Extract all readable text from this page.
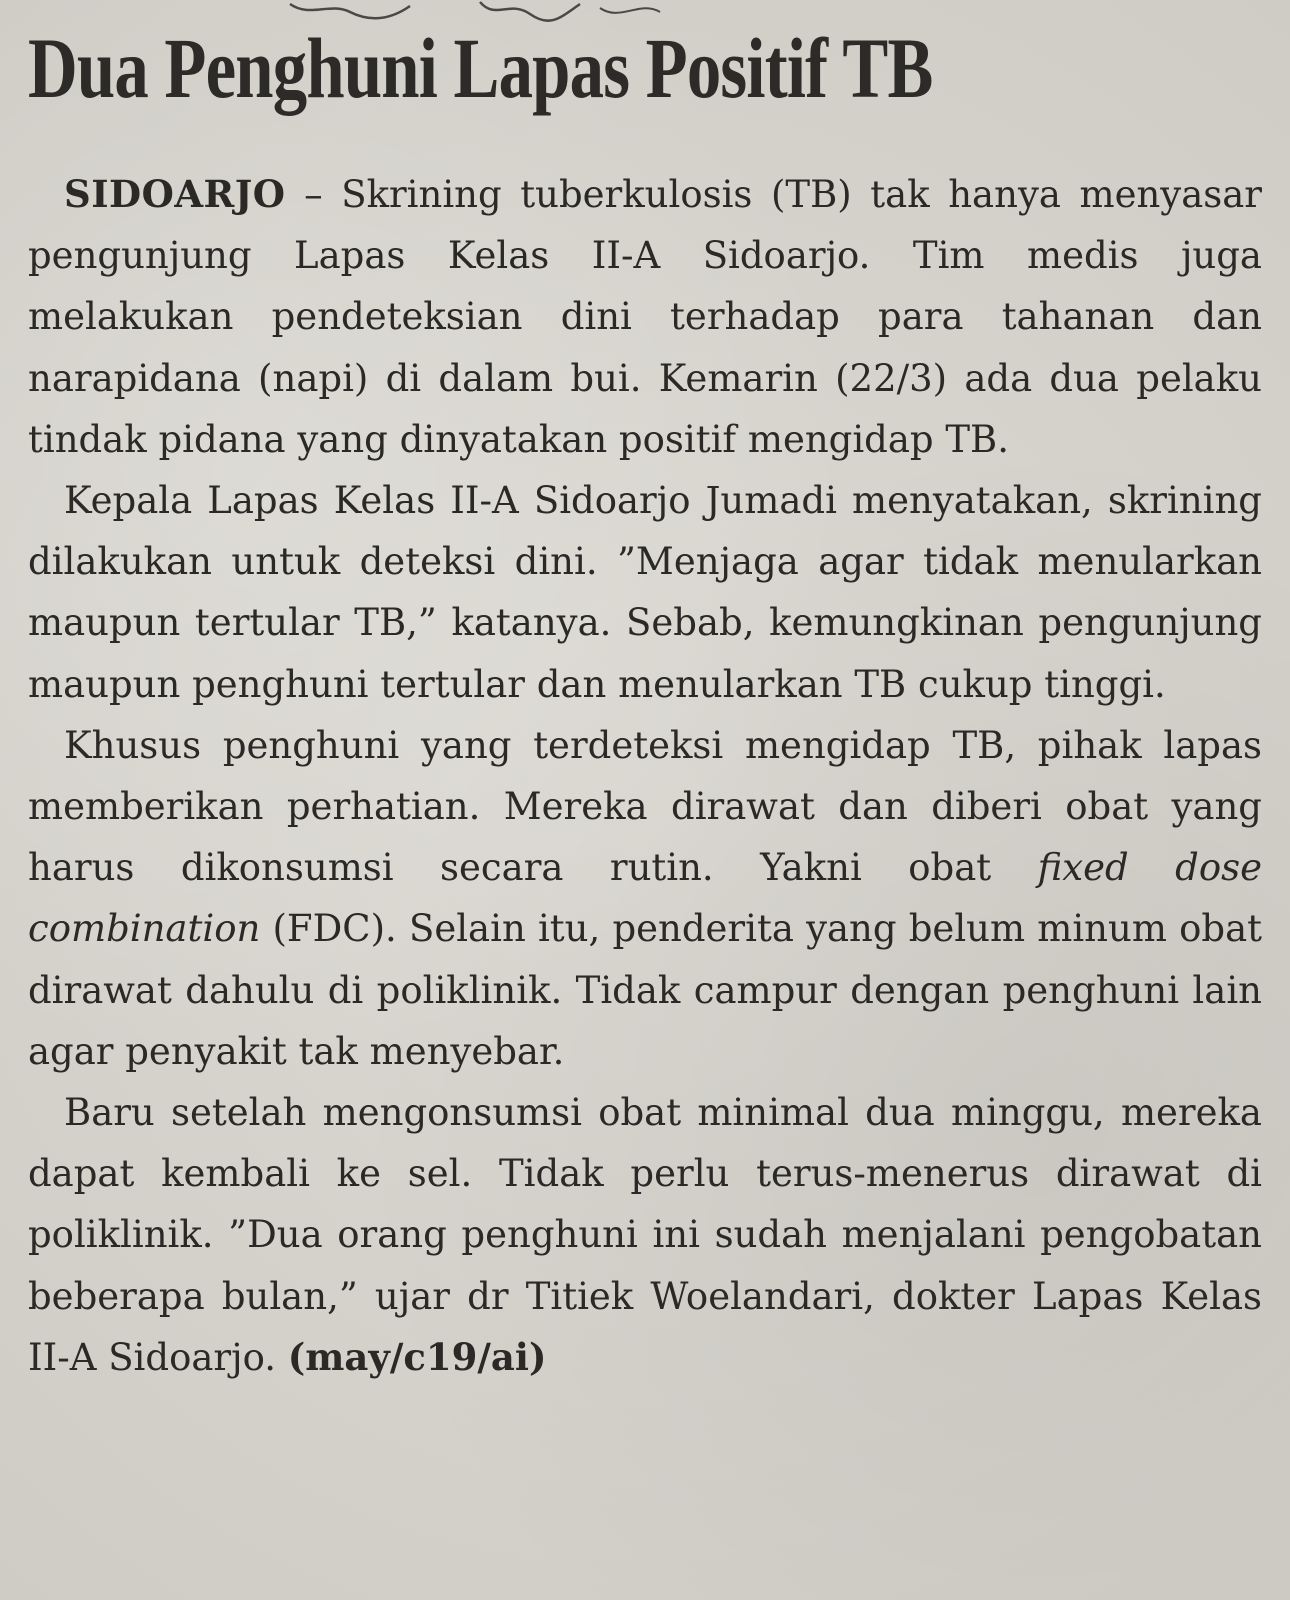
Dua Penghuni Lapas Positif TB

SIDOARJO – Skrining tuberkulosis (TB) tak hanya menyasar pengunjung Lapas Kelas II-A Sidoarjo. Tim medis juga melakukan pendeteksian dini terhadap para tahanan dan narapidana (napi) di dalam bui. Kemarin (22/3) ada dua pelaku tindak pidana yang dinyatakan positif mengidap TB.

Kepala Lapas Kelas II-A Sidoarjo Jumadi menyatakan, skrining dilakukan untuk deteksi dini. ”Menjaga agar tidak menularkan maupun tertular TB,” katanya. Sebab, kemungkinan pengunjung maupun penghuni tertular dan menularkan TB cukup tinggi.

Khusus penghuni yang terdeteksi mengidap TB, pihak lapas memberikan perhatian. Mereka dirawat dan diberi obat yang harus dikonsumsi secara rutin. Yakni obat fixed dose combination (FDC). Selain itu, penderita yang belum minum obat dirawat dahulu di poliklinik. Tidak campur dengan penghuni lain agar penyakit tak menyebar.

Baru setelah mengonsumsi obat minimal dua minggu, mereka dapat kembali ke sel. Tidak perlu terus-menerus dirawat di poliklinik. ”Dua orang penghuni ini sudah menjalani pengobatan beberapa bulan,” ujar dr Titiek Woelandari, dokter Lapas Kelas II-A Sidoarjo. (may/c19/ai)
